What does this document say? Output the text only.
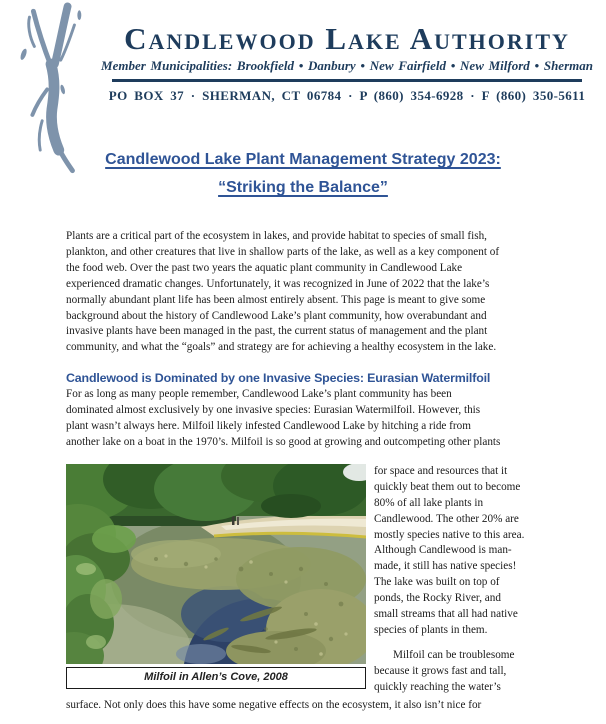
Candlewood Lake Authority
Member Municipalities: Brookfield • Danbury • New Fairfield • New Milford • Sherman
PO BOX 37 · SHERMAN, CT 06784 · P (860) 354-6928 · F (860) 350-5611
Candlewood Lake Plant Management Strategy 2023:
“Striking the Balance”
Plants are a critical part of the ecosystem in lakes, and provide habitat to species of small fish,
plankton, and other creatures that live in shallow parts of the lake, as well as a key component of
the food web. Over the past two years the aquatic plant community in Candlewood Lake
experienced dramatic changes. Unfortunately, it was recognized in June of 2022 that the lake’s
normally abundant plant life has been almost entirely absent. This page is meant to give some
background about the history of Candlewood Lake’s plant community, how overabundant and
invasive plants have been managed in the past, the current status of management and the plant
community, and what the “goals” and strategy are for achieving a healthy ecosystem in the lake.
Candlewood is Dominated by one Invasive Species: Eurasian Watermilfoil
For as long as many people remember, Candlewood Lake’s plant community has been
dominated almost exclusively by one invasive species: Eurasian Watermilfoil. However, this
plant wasn’t always here. Milfoil likely infested Candlewood Lake by hitching a ride from
another lake on a boat in the 1970’s. Milfoil is so good at growing and outcompeting other plants
Milfoil in Allen’s Cove, 2008
for space and resources that it
quickly beat them out to become
80% of all lake plants in
Candlewood. The other 20% are
mostly species native to this area.
Although Candlewood is man-
made, it still has native species!
The lake was built on top of
ponds, the Rocky River, and
small streams that all had native
species of plants in them.
Milfoil can be troublesome
because it grows fast and tall,
quickly reaching the water’s
surface. Not only does this have some negative effects on the ecosystem, it also isn’t nice for
